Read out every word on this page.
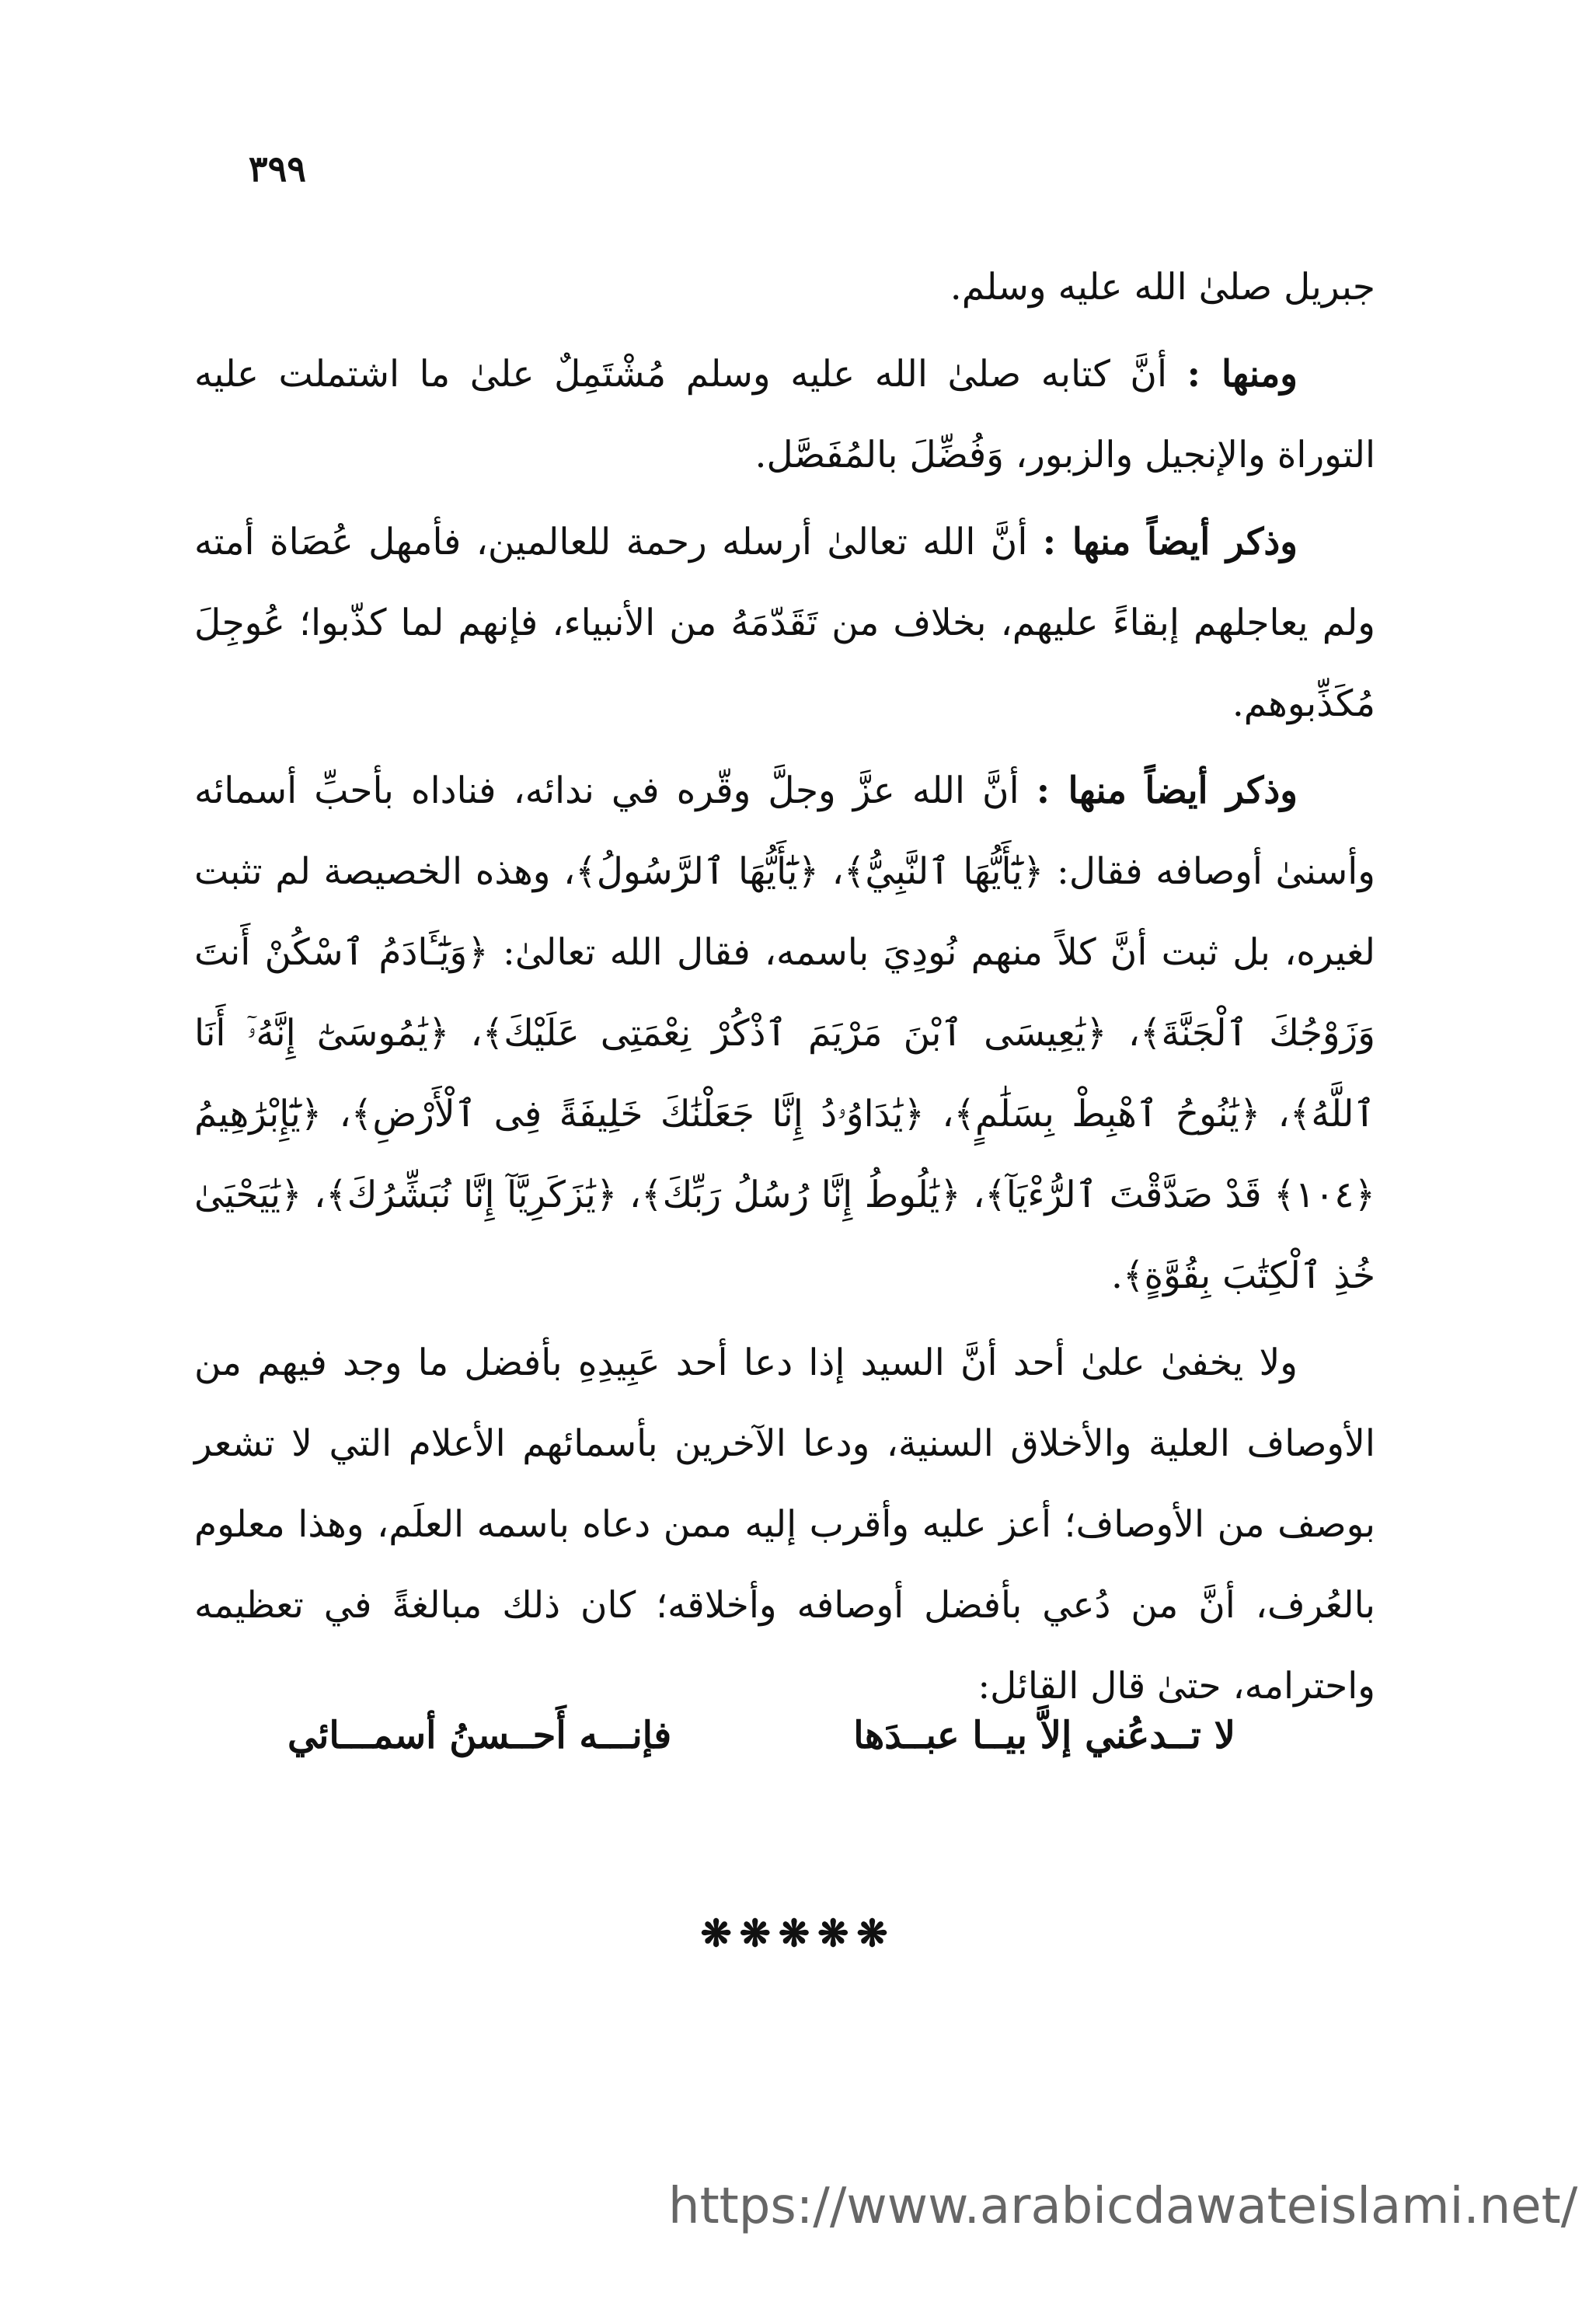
٣٩٩

جبريل صلىٰ الله عليه وسلم.

ومنها : أنَّ كتابه صلىٰ الله عليه وسلم مُشْتَمِلٌ علىٰ ما اشتملت عليه التوراة والإنجيل والزبور، وَفُضِّلَ بالمُفَصَّل.

وذكر أيضاً منها : أنَّ الله تعالىٰ أرسله رحمة للعالمين، فأمهل عُصَاة أمته ولم يعاجلهم إبقاءً عليهم، بخلاف من تَقَدّمَهُ من الأنبياء، فإنهم لما كذّبوا؛ عُوجِلَ مُكَذِّبوهم.

وذكر أيضاً منها : أنَّ الله عزَّ وجلَّ وقّره في ندائه، فناداه بأحبِّ أسمائه وأسنىٰ أوصافه فقال: ﴿يَٰٓأَيُّهَا ٱلنَّبِيُّ﴾، ﴿يَٰٓأَيُّهَا ٱلرَّسُولُ﴾، وهذه الخصيصة لم تثبت لغيره، بل ثبت أنَّ كلاً منهم نُودِيَ باسمه، فقال الله تعالىٰ: ﴿وَيَٰٓـَٔادَمُ ٱسْكُنْ أَنتَ وَزَوْجُكَ ٱلْجَنَّةَ﴾، ﴿يَٰعِيسَى ٱبْنَ مَرْيَمَ ٱذْكُرْ نِعْمَتِى عَلَيْكَ﴾، ﴿يَٰمُوسَىٰٓ إِنَّهُۥٓ أَنَا ٱللَّهُ﴾، ﴿يَٰنُوحُ ٱهْبِطْ بِسَلَٰمٍ﴾، ﴿يَٰدَاوُۥدُ إِنَّا جَعَلْنَٰكَ خَلِيفَةً فِى ٱلْأَرْضِ﴾، ﴿يَٰٓإِبْرَٰهِيمُ ﴿١٠٤﴾ قَدْ صَدَّقْتَ ٱلرُّءْيَآ﴾، ﴿يَٰلُوطُ إِنَّا رُسُلُ رَبِّكَ﴾، ﴿يَٰزَكَرِيَّآ إِنَّا نُبَشِّرُكَ﴾، ﴿يَٰيَحْيَىٰ خُذِ ٱلْكِتَٰبَ بِقُوَّةٍ﴾.

ولا يخفىٰ علىٰ أحد أنَّ السيد إذا دعا أحد عَبِيدِهِ بأفضل ما وجد فيهم من الأوصاف العلية والأخلاق السنية، ودعا الآخرين بأسمائهم الأعلام التي لا تشعر بوصف من الأوصاف؛ أعز عليه وأقرب إليه ممن دعاه باسمه العلَم، وهذا معلوم بالعُرف، أنَّ من دُعي بأفضل أوصافه وأخلاقه؛ كان ذلك مبالغةً في تعظيمه واحترامه، حتىٰ قال القائل:

لا تــدعُني إلاَّ بيــا عبــدَها
فإنـــه أَحــسنُ أسمـــائي
❋❋❋❋❋
https://www.arabicdawateislami.net/
